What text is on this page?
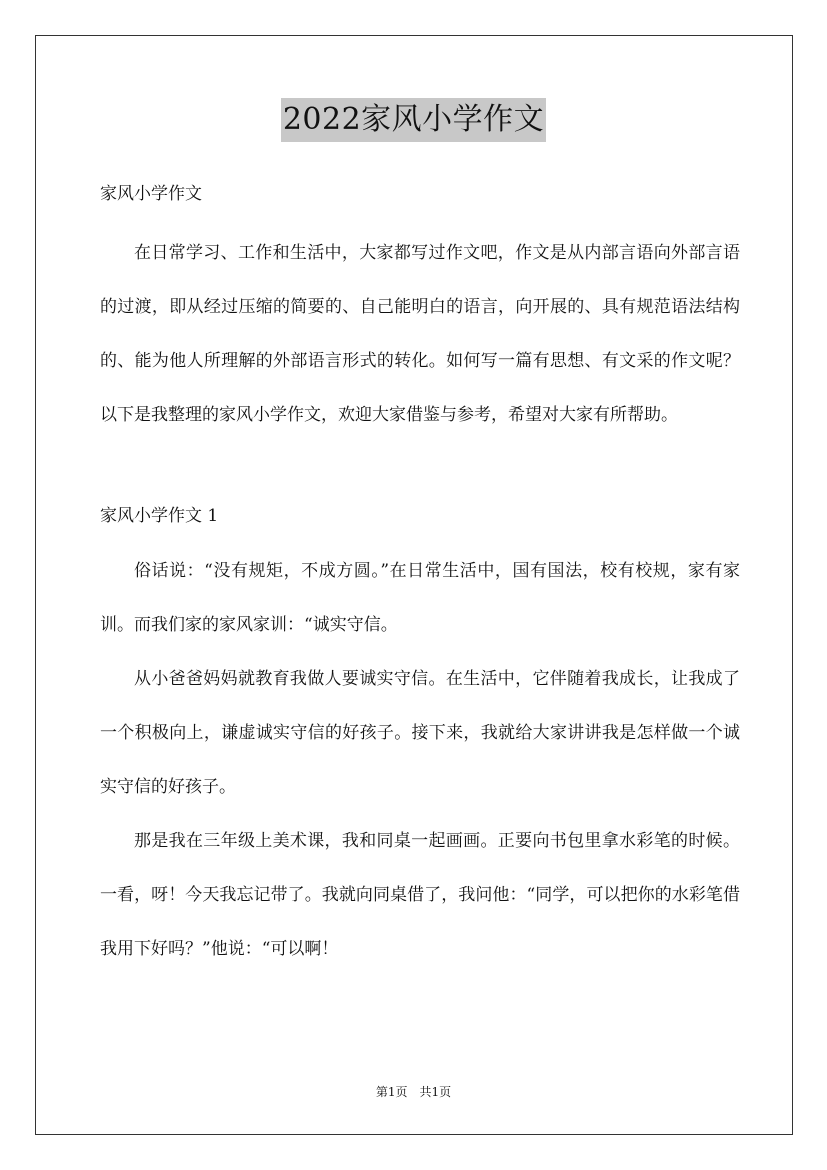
2022家风小学作文

家风小学作文

在日常学习、工作和生活中，大家都写过作文吧，作文是从内部言语向外部言语的过渡，即从经过压缩的简要的、自己能明白的语言，向开展的、具有规范语法结构的、能为他人所理解的外部语言形式的转化。如何写一篇有思想、有文采的作文呢？以下是我整理的家风小学作文，欢迎大家借鉴与参考，希望对大家有所帮助。

家风小学作文 1

俗话说：“没有规矩，不成方圆。”在日常生活中，国有国法，校有校规，家有家训。而我们家的家风家训：“诚实守信。

从小爸爸妈妈就教育我做人要诚实守信。在生活中，它伴随着我成长，让我成了一个积极向上，谦虚诚实守信的好孩子。接下来，我就给大家讲讲我是怎样做一个诚实守信的好孩子。

那是我在三年级上美术课，我和同桌一起画画。正要向书包里拿水彩笔的时候。一看，呀！今天我忘记带了。我就向同桌借了，我问他：“同学，可以把你的水彩笔借我用下好吗？”他说：“可以啊！

第1页　共1页
